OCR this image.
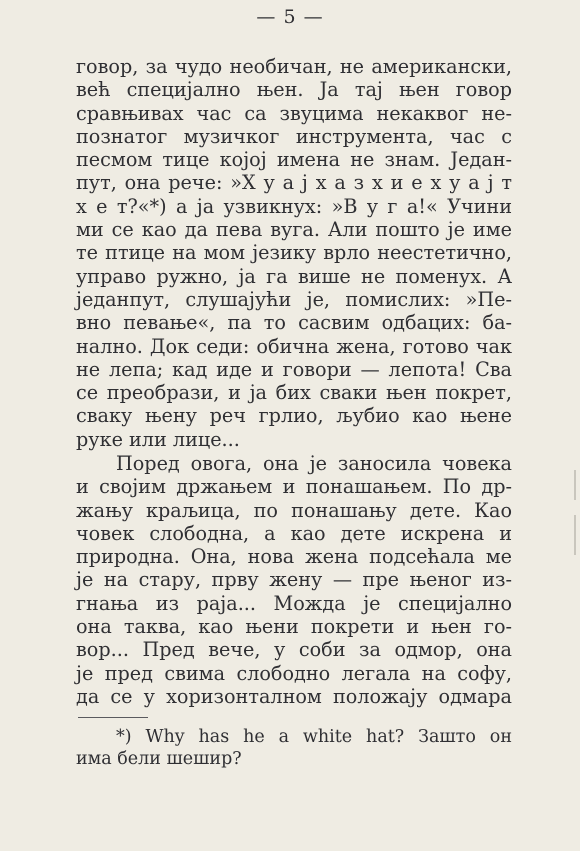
— 5 —
говор, за чудо необичан, не американски,
већ специјално њен. Ја тај њен говор
сравњивах час са звуцима некаквог не-
познатог музичког инструмента, час с
песмом тице којој имена не знам. Један-
пут, она рече: »Х у а ј х а з х и е х у а ј т
х е т?«*) а ја узвикнух: »В у г а!« Учини
ми се као да пева вуга. Али пошто је име
те птице на мом језику врло неестетично,
управо ружно, ја га више не поменух. А
једанпут, слушајући је, помислих: »Пе-
вно певање«, па то сасвим одбацих: ба-
нално. Док седи: обична жена, готово чак
не лепа; кад иде и говори — лепота! Сва
се преобрази, и ја бих сваки њен покрет,
сваку њену реч грлио, љубио као њене
руке или лице...
Поред овога, она је заносила човека
и својим држањем и понашањем. По др-
жању краљица, по понашању дете. Као
човек слободна, а као дете искрена и
природна. Она, нова жена подсећала ме
је на стару, прву жену — пре њеног из-
гнања из раја... Можда је специјално
она таква, као њени покрети и њен го-
вор... Пред вече, у соби за одмор, она
је пред свима слободно легала на софу,
да се у хоризонталном положају одмара
*) Why has he a white hat? Зашто он
има бели шешир?
